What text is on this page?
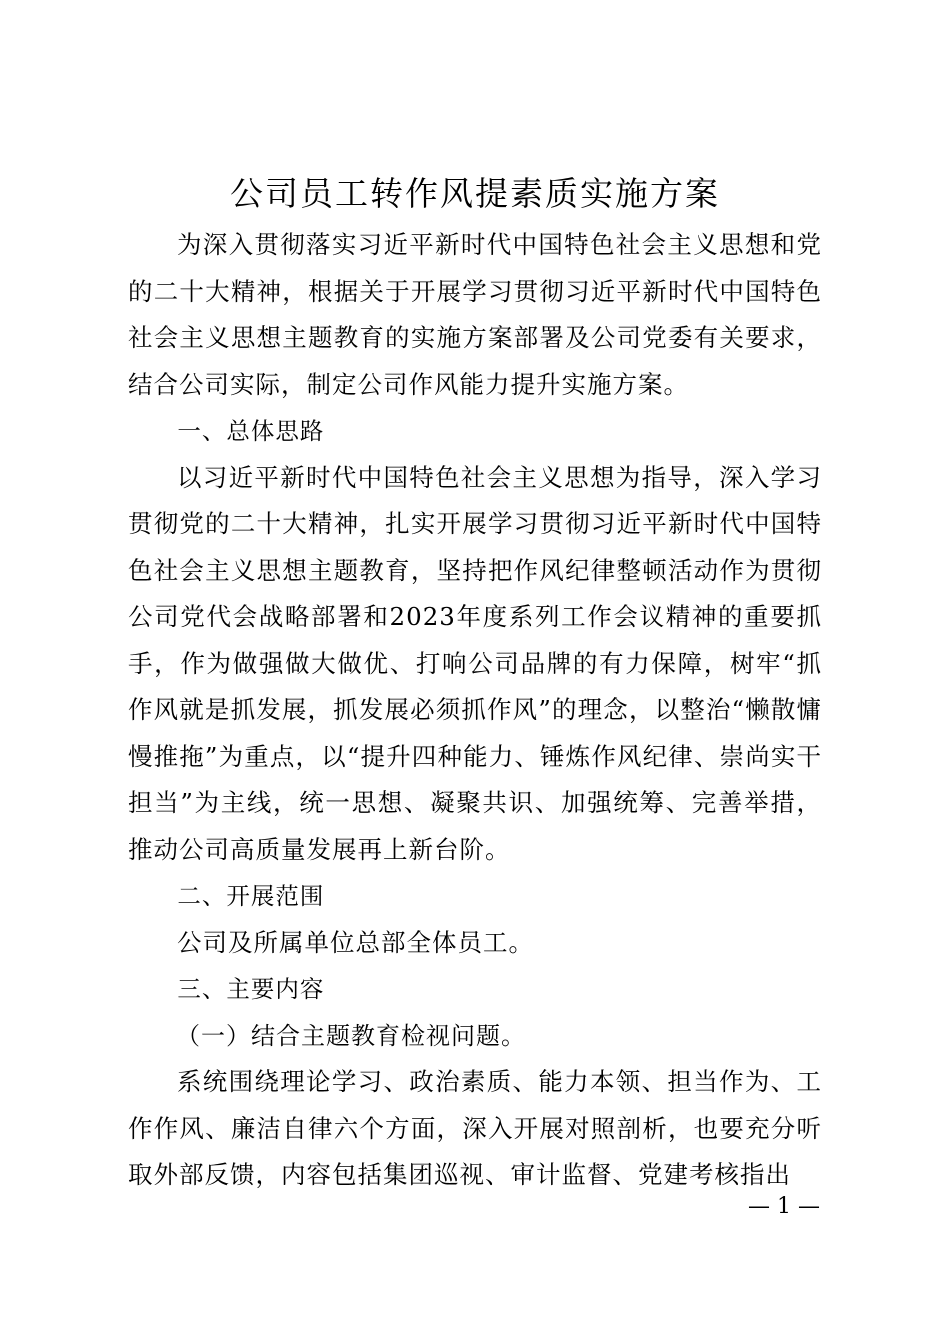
公司员工转作风提素质实施方案

为深入贯彻落实习近平新时代中国特色社会主义思想和党的二十大精神，根据关于开展学习贯彻习近平新时代中国特色社会主义思想主题教育的实施方案部署及公司党委有关要求，结合公司实际，制定公司作风能力提升实施方案。

一、总体思路

以习近平新时代中国特色社会主义思想为指导，深入学习贯彻党的二十大精神，扎实开展学习贯彻习近平新时代中国特色社会主义思想主题教育，坚持把作风纪律整顿活动作为贯彻公司党代会战略部署和2023年度系列工作会议精神的重要抓手，作为做强做大做优、打响公司品牌的有力保障，树牢“抓作风就是抓发展，抓发展必须抓作风”的理念，以整治“懒散慵慢推拖”为重点，以“提升四种能力、锤炼作风纪律、崇尚实干担当”为主线，统一思想、凝聚共识、加强统筹、完善举措，推动公司高质量发展再上新台阶。

二、开展范围

公司及所属单位总部全体员工。

三、主要内容

（一）结合主题教育检视问题。

系统围绕理论学习、政治素质、能力本领、担当作为、工作作风、廉洁自律六个方面，深入开展对照剖析，也要充分听取外部反馈，内容包括集团巡视、审计监督、党建考核指出

— 1 —
